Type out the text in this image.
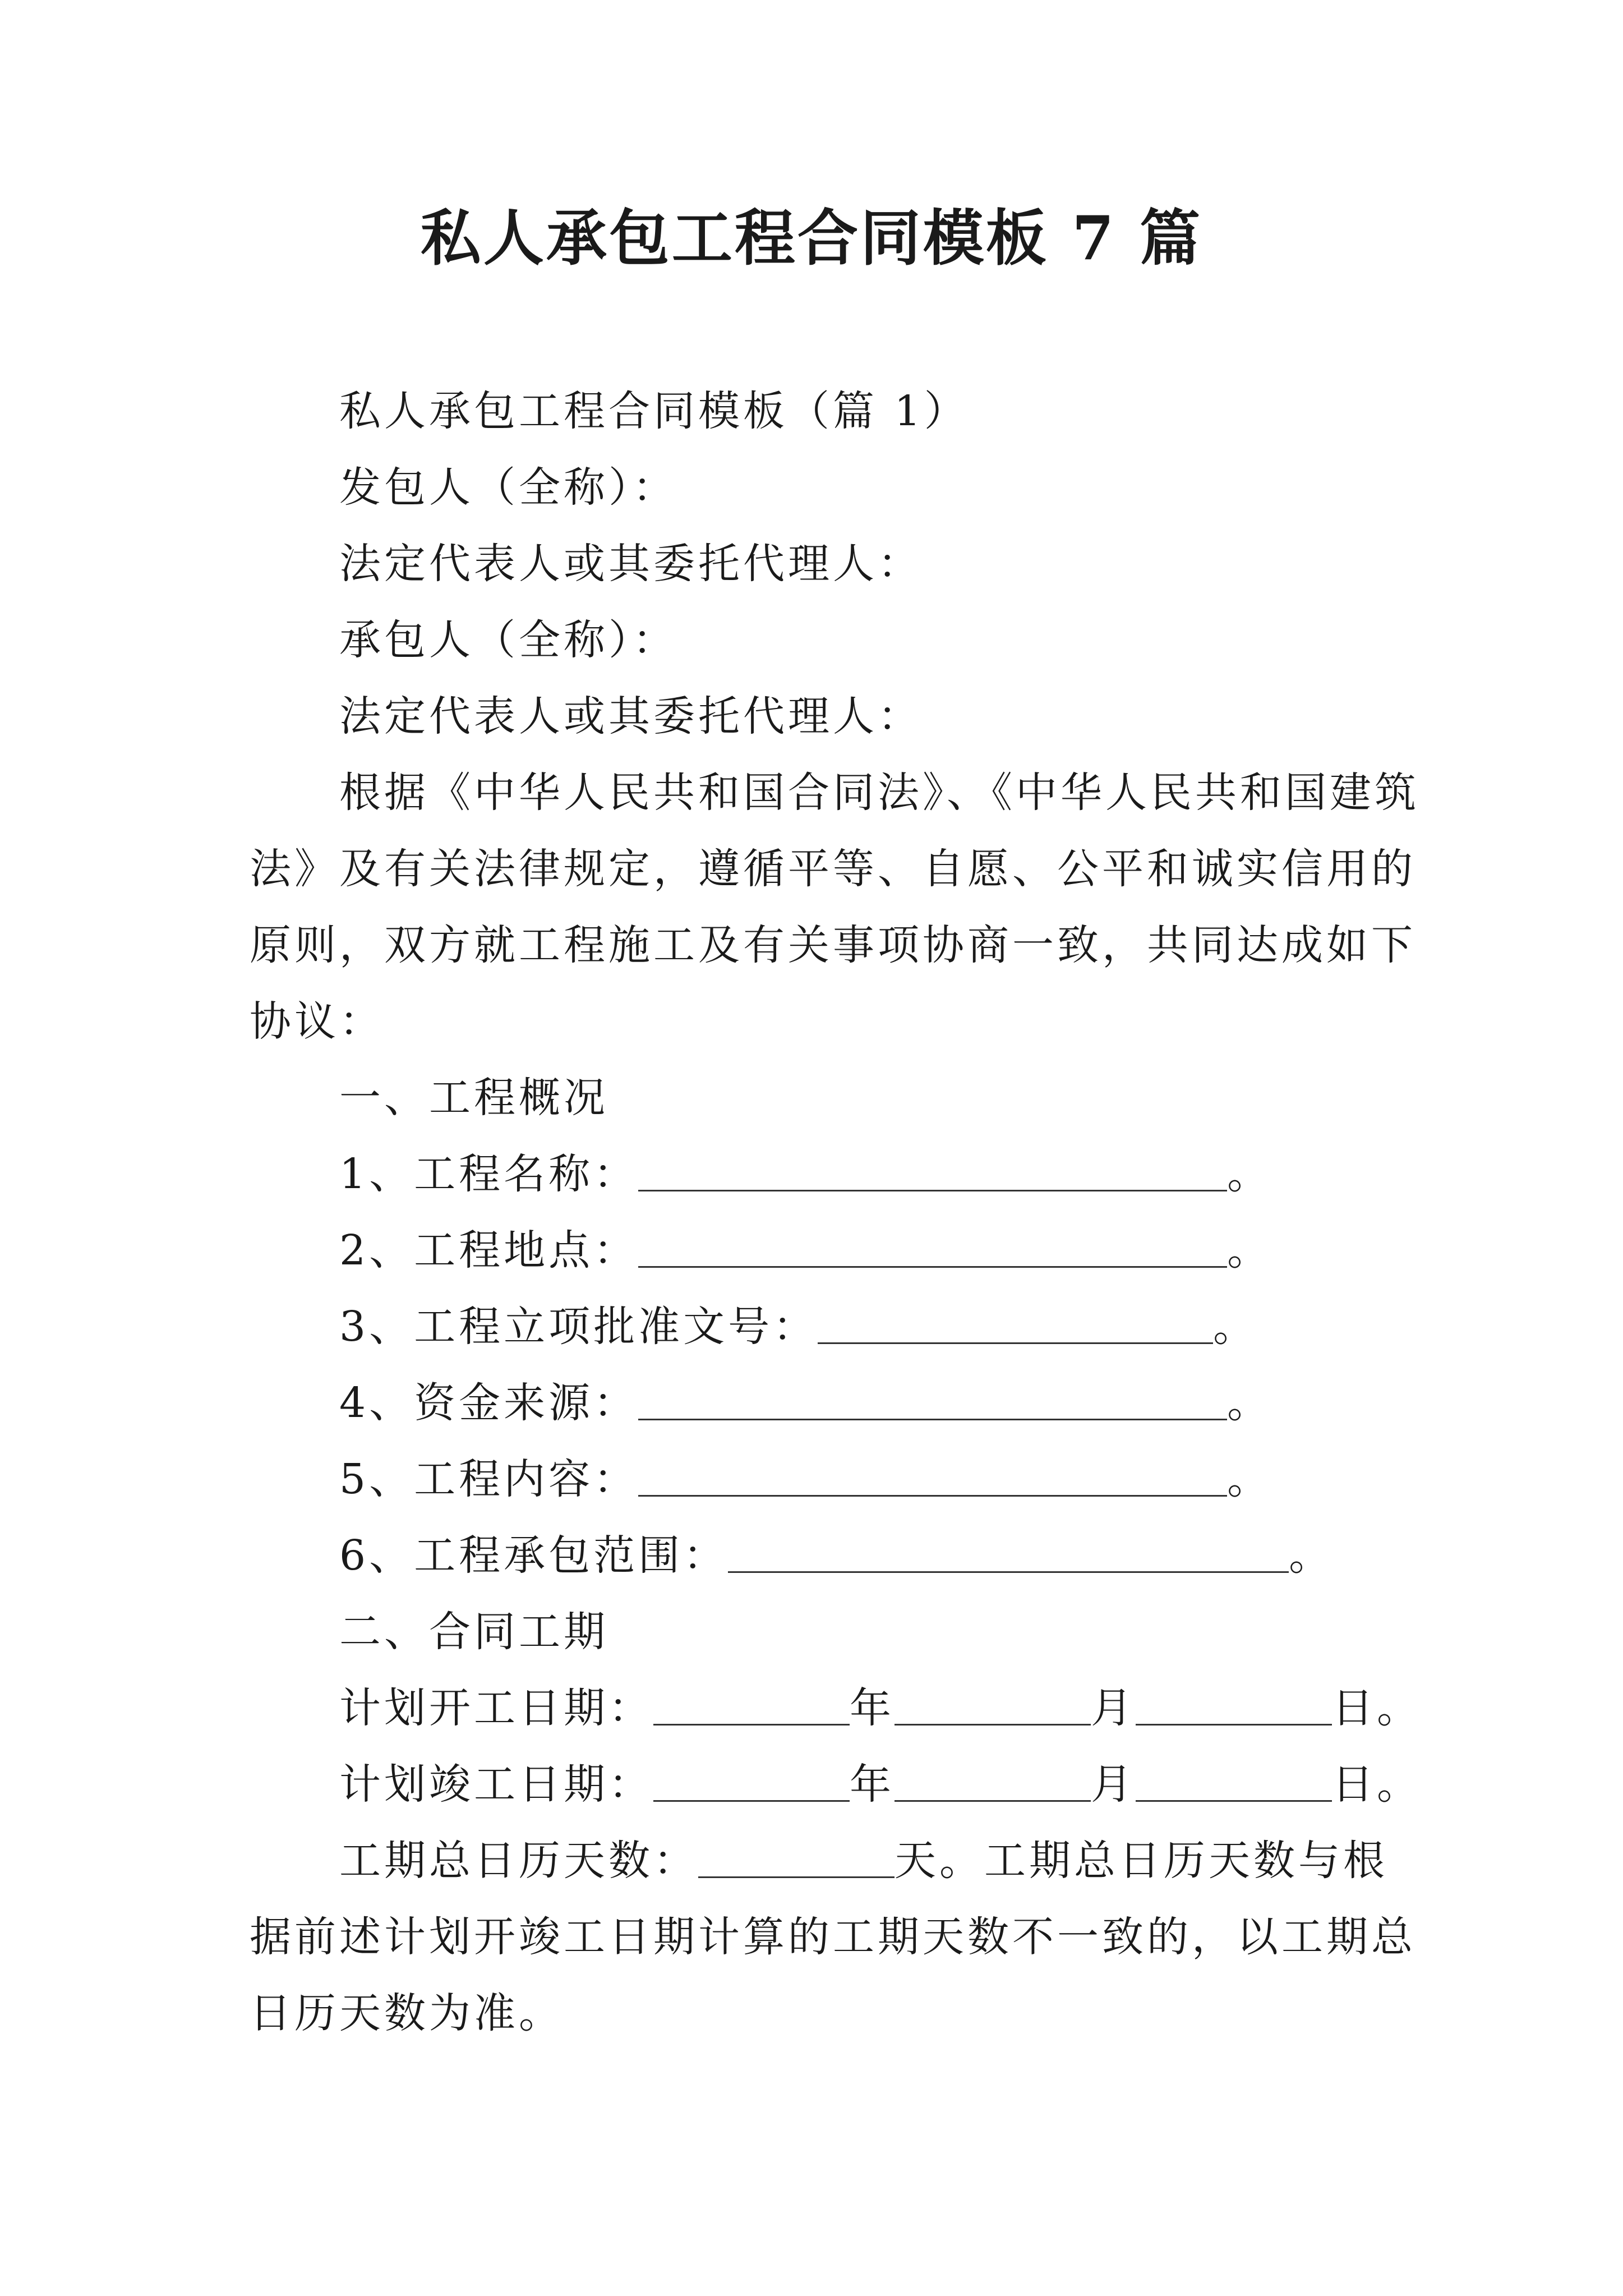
私人承包工程合同模板 7 篇

私人承包工程合同模板（篇 1）

发包人（全称）：

法定代表人或其委托代理人：

承包人（全称）：

法定代表人或其委托代理人：

根据《中华人民共和国合同法》、《中华人民共和国建筑

法》及有关法律规定，遵循平等、自愿、公平和诚实信用的

原则，双方就工程施工及有关事项协商一致，共同达成如下

协议：

一、工程概况

1、工程名称：	。

2、工程地点：	。

3、工程立项批准文号：	。

4、资金来源：	。

5、工程内容：	。

6、工程承包范围：	。

二、合同工期

计划开工日期：	年	月	日。

计划竣工日期：	年	月	日。

工期总日历天数：	天。工期总日历天数与根

据前述计划开竣工日期计算的工期天数不一致的，以工期总

日历天数为准。
